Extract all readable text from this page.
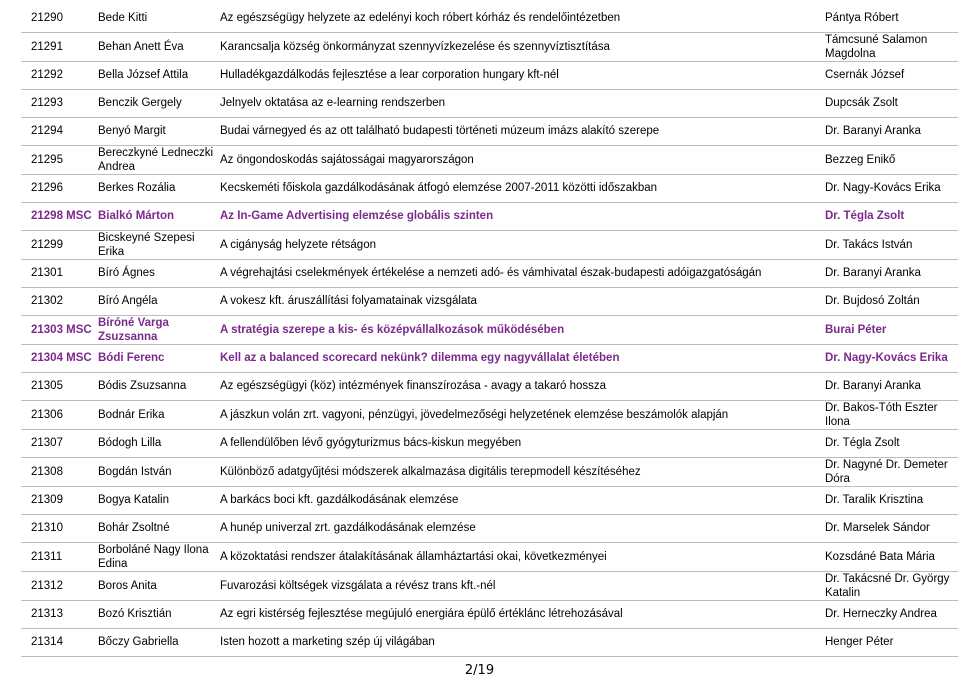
21290	Bede Kitti	Az egészségügy helyzete az edelényi koch róbert kórház és rendelőintézetben	Pántya Róbert
21291	Behan Anett Éva	Karancsalja község önkormányzat szennyvízkezelése és szennyvíztisztítása	Támcsuné Salamon Magdolna
21292	Bella József Attila	Hulladékgazdálkodás fejlesztése a lear corporation hungary kft-nél	Csernák József
21293	Benczik Gergely	Jelnyelv oktatása az e-learning rendszerben	Dupcsák Zsolt
21294	Benyó Margit	Budai várnegyed és az ott található budapesti történeti múzeum imázs alakító szerepe	Dr. Baranyi Aranka
21295	Bereczkyné Ledneczki Andrea	Az öngondoskodás sajátosságai magyarországon	Bezzeg Enikő
21296	Berkes Rozália	Kecskeméti főiskola gazdálkodásának átfogó elemzése 2007-2011 közötti időszakban	Dr. Nagy-Kovács Erika
21298 MSC	Bialkó Márton	Az In-Game Advertising elemzése globális szinten	Dr. Tégla Zsolt
21299	Bicskeyné Szepesi Erika	A cigányság helyzete rétságon	Dr. Takács István
21301	Bíró Ágnes	A végrehajtási cselekmények értékelése a nemzeti adó- és vámhivatal észak-budapesti adóigazgatóságán	Dr. Baranyi Aranka
21302	Bíró Angéla	A vokesz kft. áruszállítási folyamatainak vizsgálata	Dr. Bujdosó Zoltán
21303 MSC	Bíróné Varga Zsuzsanna	A stratégia szerepe a kis- és középvállalkozások működésében	Burai Péter
21304 MSC	Bódi Ferenc	Kell az a balanced scorecard nekünk? dilemma egy nagyvállalat életében	Dr. Nagy-Kovács Erika
21305	Bódis Zsuzsanna	Az egészségügyi (köz) intézmények finanszírozása - avagy a takaró hossza	Dr. Baranyi Aranka
21306	Bodnár Erika	A jászkun volán zrt. vagyoni, pénzügyi, jövedelmezőségi helyzetének elemzése beszámolók alapján	Dr. Bakos-Tóth Eszter Ilona
21307	Bódogh Lilla	A fellendülőben lévő gyógyturizmus bács-kiskun megyében	Dr. Tégla Zsolt
21308	Bogdán István	Különböző adatgyűjtési módszerek alkalmazása digitális terepmodell készítéséhez	Dr. Nagyné Dr. Demeter Dóra
21309	Bogya Katalin	A barkács boci kft. gazdálkodásának elemzése	Dr. Taralik Krisztina
21310	Bohár Zsoltné	A hunép univerzal zrt. gazdálkodásának elemzése	Dr. Marselek Sándor
21311	Borboláné Nagy Ilona Edina	A közoktatási rendszer átalakításának államháztartási okai, következményei	Kozsdáné Bata Mária
21312	Boros Anita	Fuvarozási költségek vizsgálata a révész trans kft.-nél	Dr. Takácsné Dr. György Katalin
21313	Bozó Krisztián	Az egri kistérség fejlesztése megújuló energiára épülő értéklánc létrehozásával	Dr. Herneczky Andrea
21314	Bőczy Gabriella	Isten hozott a marketing szép új világában	Henger Péter
2/19
